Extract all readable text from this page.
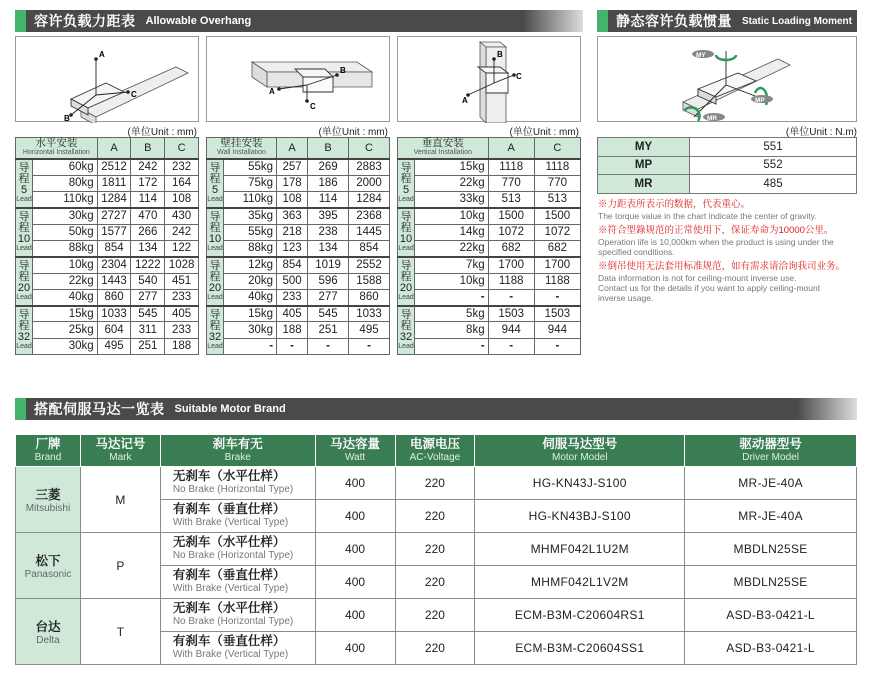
容许负载力距表 Allowable Overhang	静态容许负载惯量 Static Loading Moment
A
C
B
A
B
C
B
C
A
MY
MP
MR
(单位Unit : mm)	(单位Unit : mm)	(单位Unit : mm)	(单位Unit : N.m)
水平安装
Horizontal Installation		A	B	C
导
程
5
Lead	60kg	2512	242	232
	80kg	1811	172	164
	110kg	1284	114	108
导
程
10
Lead	30kg	2727	470	430
	50kg	1577	266	242
	88kg	854	134	122
导
程
20
Lead	10kg	2304	1222	1028
	22kg	1443	540	451
	40kg	860	277	233
导
程
32
Lead	15kg	1033	545	405
	25kg	604	311	233
	30kg	495	251	188
壁挂安装
Wall Installation		A	B	C
导
程
5
Lead	55kg	257	269	2883
	75kg	178	186	2000
	110kg	108	114	1284
导
程
10
Lead	35kg	363	395	2368
	55kg	218	238	1445
	88kg	123	134	854
导
程
20
Lead	12kg	854	1019	2552
	20kg	500	596	1588
	40kg	233	277	860
导
程
32
Lead	15kg	405	545	1033
	30kg	188	251	495
	-	-	-	-
垂直安装
Vertical Installation		A	C
导
程
5
Lead	15kg	1118	1118
	22kg	770	770
	33kg	513	513
导
程
10
Lead	10kg	1500	1500
	14kg	1072	1072
	22kg	682	682
导
程
20
Lead	7kg	1700	1700
	10kg	1188	1188
	-	-	-
导
程
32
Lead	5kg	1503	1503
	8kg	944	944
	-	-	-
MY	551
MP	552
MR	485
※力距表所表示的数据，代表重心。
The torque value in the chart indicate the center of gravity.
※符合型錄规范的正常使用下，保证寿命为10000公里。
Operation life is 10,000km when the product is using under the
specified conditions.
※倒吊使用无法套用标准规范，如有需求请洽询我司业务。
Data information is not for ceiling-mount inverse use.
Contact us for the details if you want to apply ceiling-mount
inverse usage.
搭配伺服马达一览表 Suitable Motor Brand
厂牌
Brand	马达记号
Mark	刹车有无
Brake	马达容量
Watt	电源电压
AC-Voltage	伺服马达型号
Motor Model	驱动器型号
Driver Model

三菱
Mitsubishi	M	无刹车（水平仕样）
No Brake (Horizontal Type)	400	220	HG-KN43J-S100	MR-JE-40A

		有刹车（垂直仕样）
With Brake (Vertical Type)	400	220	HG-KN43BJ-S100	MR-JE-40A

松下
Panasonic	P	无刹车（水平仕样）
No Brake (Horizontal Type)	400	220	MHMF042L1U2M	MBDLN25SE

		有刹车（垂直仕样）
With Brake (Vertical Type)	400	220	MHMF042L1V2M	MBDLN25SE

台达
Delta	T	无刹车（水平仕样）
No Brake (Horizontal Type)	400	220	ECM-B3M-C20604RS1	ASD-B3-0421-L

		有刹车（垂直仕样）
With Brake (Vertical Type)	400	220	ECM-B3M-C20604SS1	ASD-B3-0421-L
